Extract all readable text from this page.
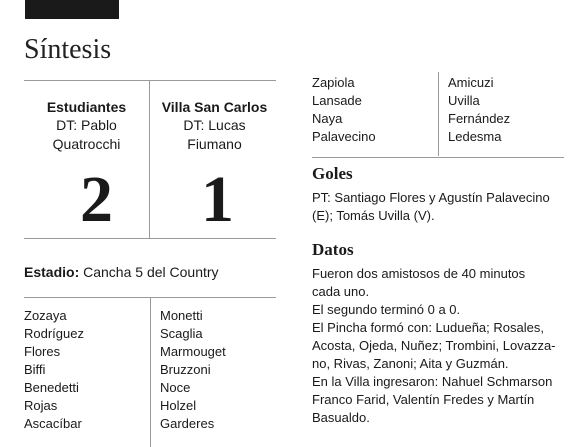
Síntesis
Estudiantes
DT: Pablo
Quatrocchi
Villa San Carlos
DT: Lucas
Fiumano
2	1
Estadio: Cancha 5 del Country
Zozaya
Rodríguez
Flores
Biffi
Benedetti
Rojas
Ascacíbar
Monetti
Scaglia
Marmouget
Bruzzoni
Noce
Holzel
Garderes
Zapiola
Lansade
Naya
Palavecino
Amicuzi
Uvilla
Fernández
Ledesma
Goles
PT: Santiago Flores y Agustín Palavecino
(E); Tomás Uvilla (V).
Datos
Fueron dos amistosos de 40 minutos
cada uno.
El segundo terminó 0 a 0.
El Pincha formó con: Ludueña; Rosales,
Acosta, Ojeda, Nuñez; Trombini, Lovazza-
no, Rivas, Zanoni; Aita y Guzmán.
En la Villa ingresaron: Nahuel Schmarson
Franco Farid, Valentín Fredes y Martín
Basualdo.
